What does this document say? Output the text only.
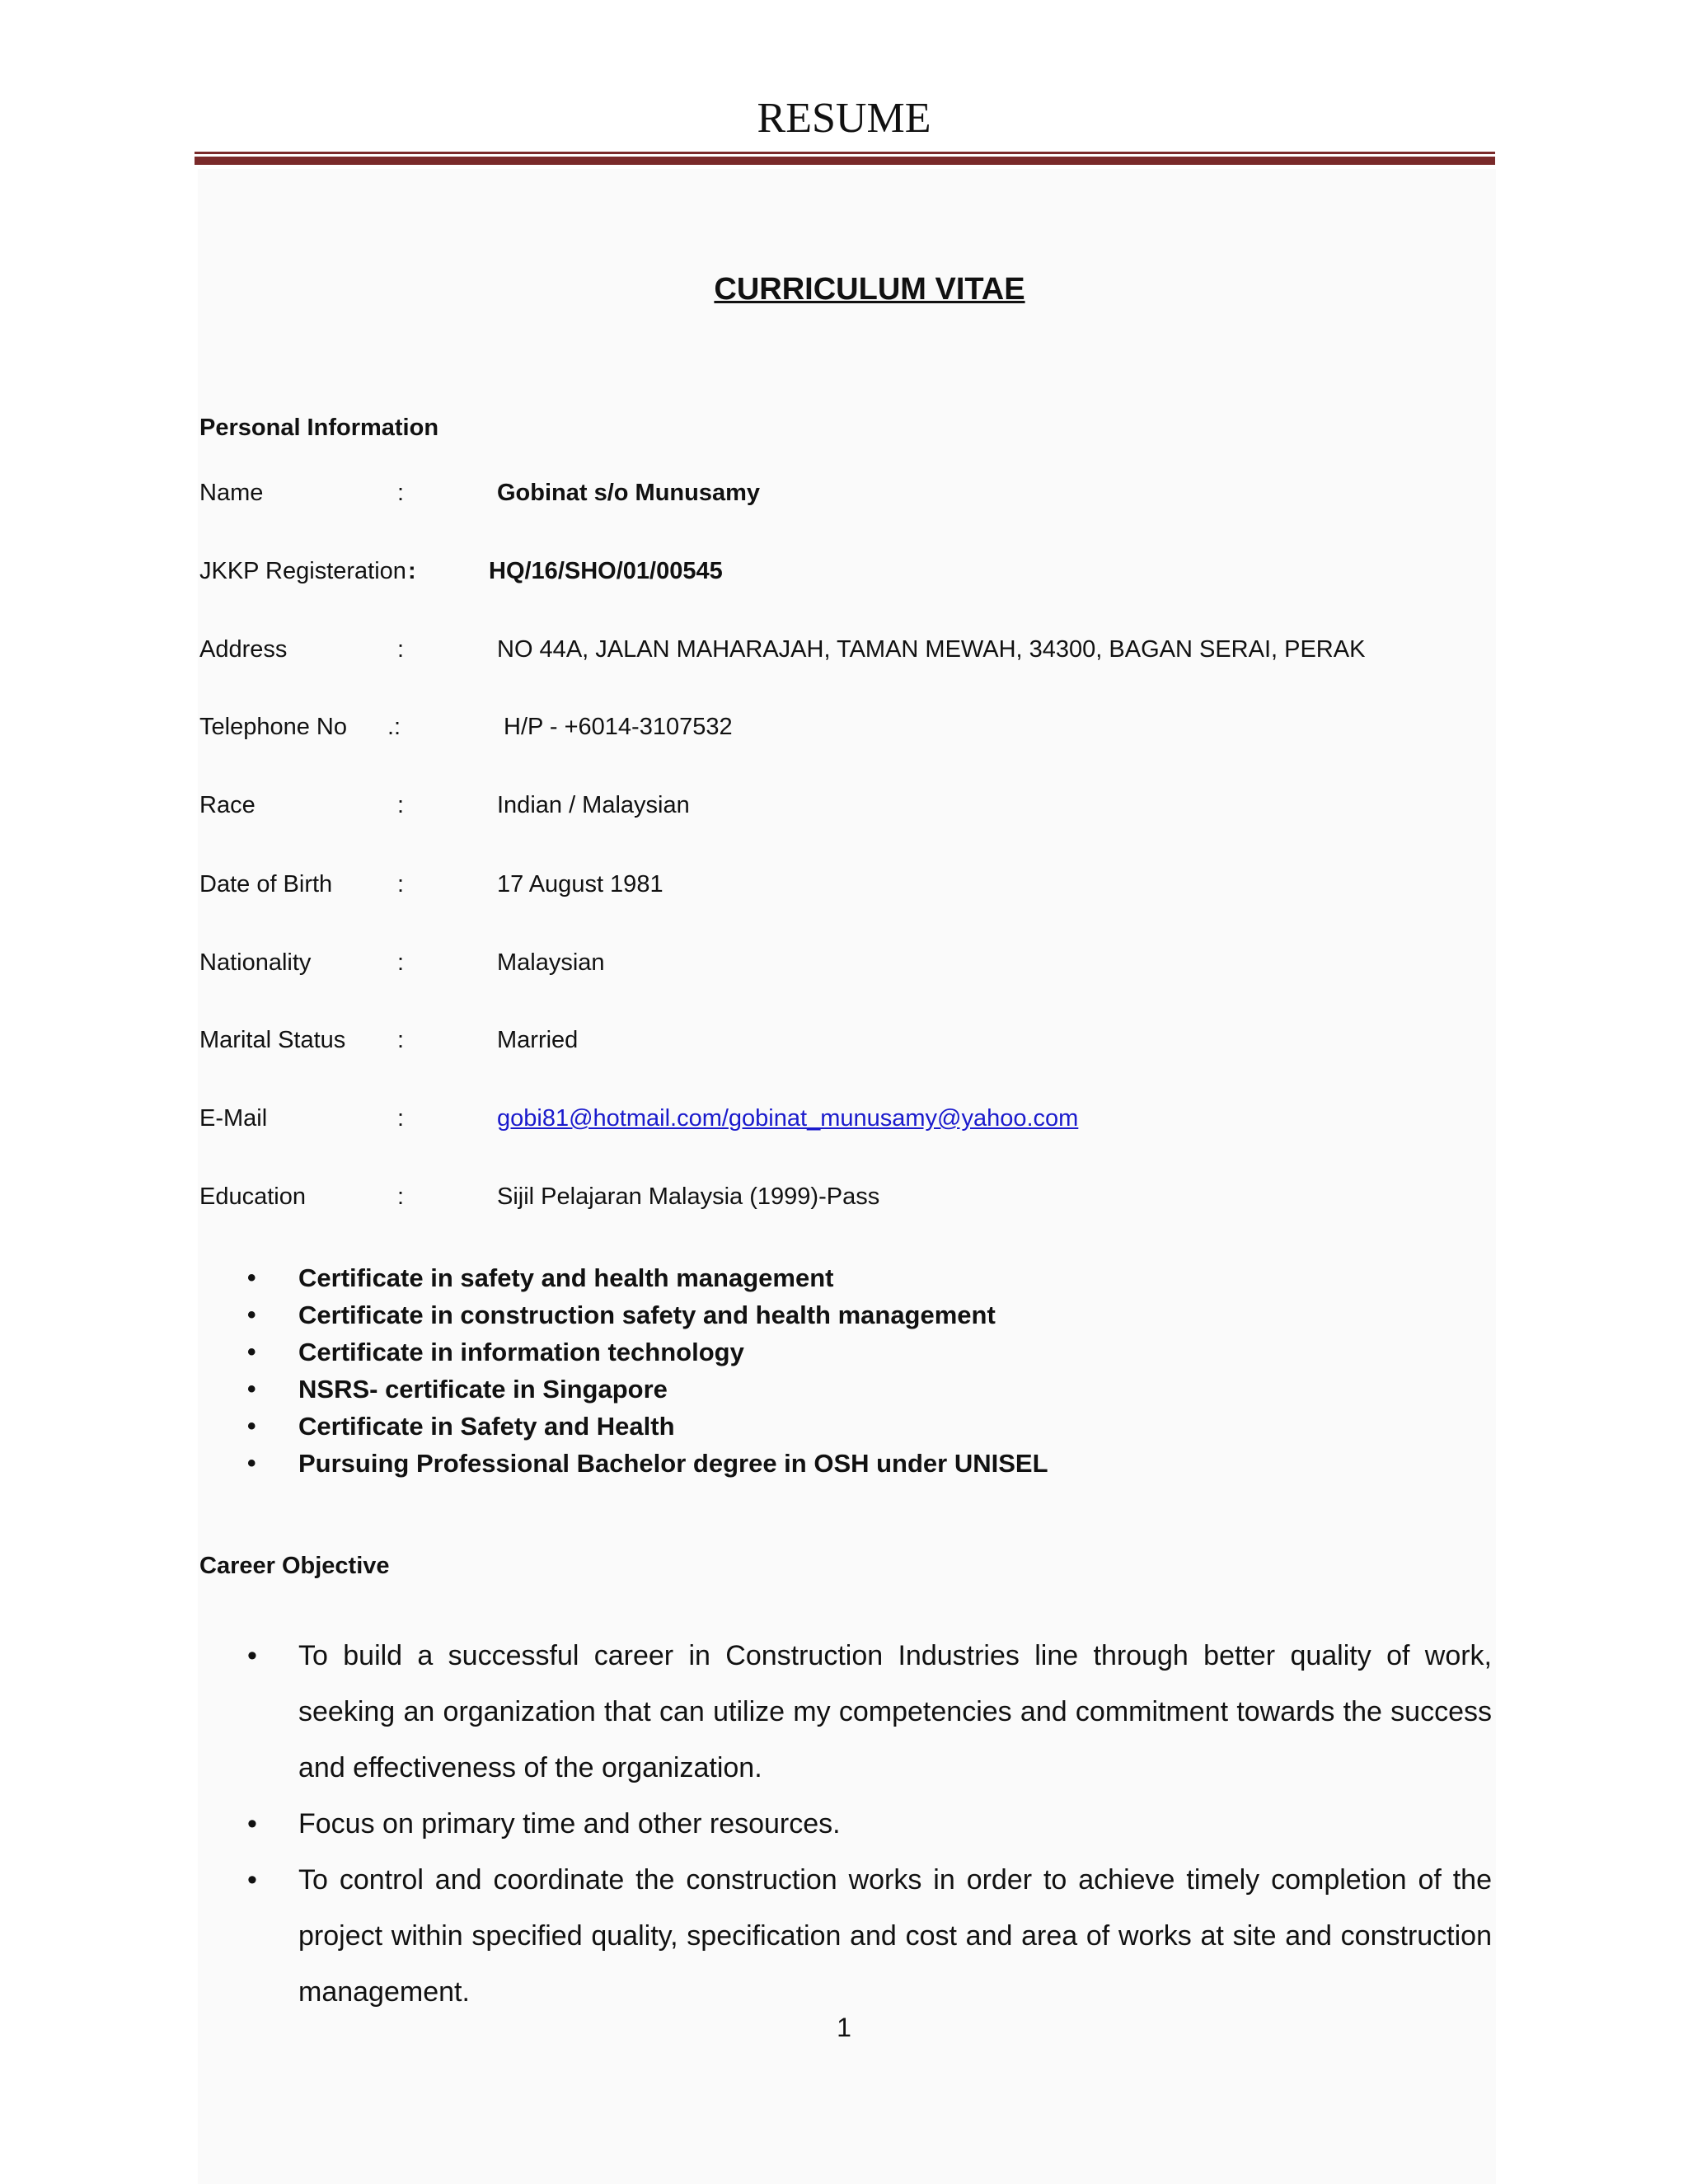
RESUME
CURRICULUM VITAE
Personal Information
Name	:	Gobinat s/o Munusamy
JKKP Registeration :	HQ/16/SHO/01/00545
Address	:	NO 44A, JALAN MAHARAJAH, TAMAN MEWAH, 34300, BAGAN SERAI, PERAK
Telephone No .:	H/P - +6014-3107532
Race	:	Indian / Malaysian
Date of Birth	:	17 August 1981
Nationality	:	Malaysian
Marital Status :	Married
E-Mail	:	gobi81@hotmail.com/gobinat_munusamy@yahoo.com
Education	:	Sijil Pelajaran Malaysia (1999)-Pass
• Certificate in safety and health management
• Certificate in construction safety and health management
• Certificate in information technology
• NSRS- certificate in Singapore
• Certificate in Safety and Health
• Pursuing Professional Bachelor degree in OSH under UNISEL
Career Objective
• To build a successful career in Construction Industries line through better quality of work, seeking an organization that can utilize my competencies and commitment towards the success and effectiveness of the organization.
• Focus on primary time and other resources.
• To control and coordinate the construction works in order to achieve timely completion of the project within specified quality, specification and cost and area of works at site and construction management.
1
